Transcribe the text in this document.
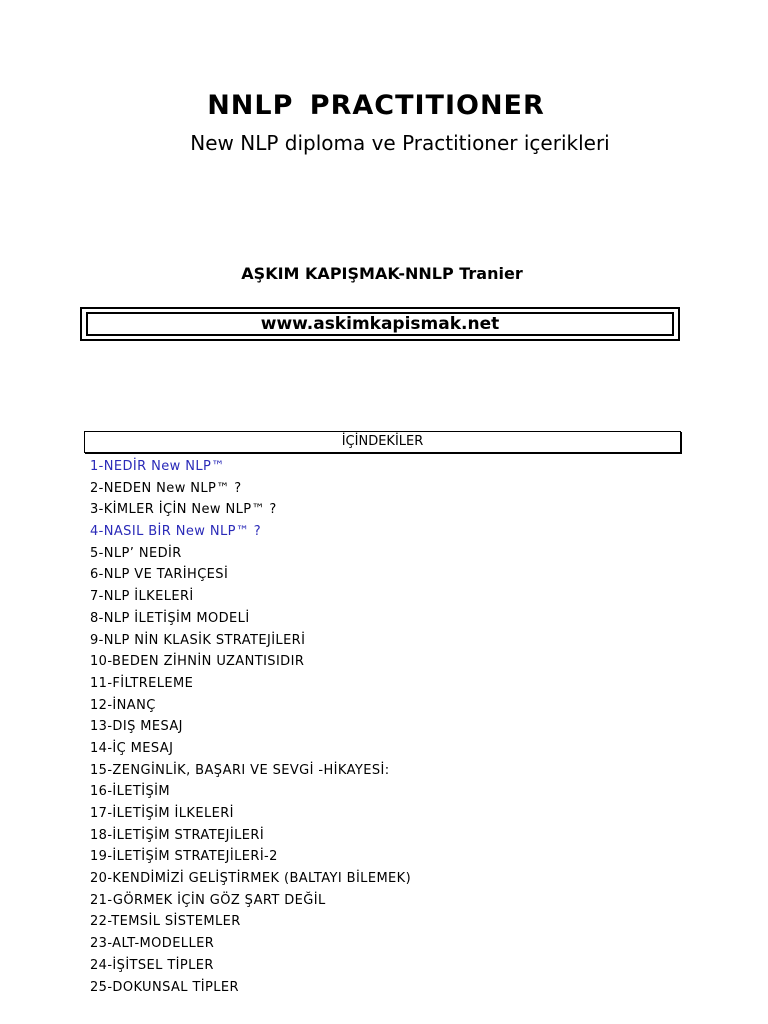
NNLP PRACTITIONER
New NLP diploma ve Practitioner içerikleri
AŞKIM KAPIŞMAK-NNLP Tranier
www.askimkapismak.net
İÇİNDEKİLER
1-NEDİR New NLP™
2-NEDEN New NLP™ ?
3-KİMLER İÇİN New NLP™ ?
4-NASIL BİR New NLP™ ?
5-NLP’ NEDİR
6-NLP VE TARİHÇESİ
7-NLP İLKELERİ
8-NLP İLETİŞİM MODELİ
9-NLP NİN KLASİK STRATEJİLERİ
10-BEDEN ZİHNİN UZANTISIDIR
11-FİLTRELEME
12-İNANÇ
13-DIŞ MESAJ
14-İÇ MESAJ
15-ZENGİNLİK, BAŞARI VE SEVGİ -HİKAYESİ:
16-İLETİŞİM
17-İLETİŞİM İLKELERİ
18-İLETİŞİM STRATEJİLERİ
19-İLETİŞİM STRATEJİLERİ-2
20-KENDİMİZİ GELİŞTİRMEK (BALTAYI BİLEMEK)
21-GÖRMEK İÇİN GÖZ ŞART DEĞİL
22-TEMSİL SİSTEMLER
23-ALT-MODELLER
24-İŞİTSEL TİPLER
25-DOKUNSAL TİPLER
